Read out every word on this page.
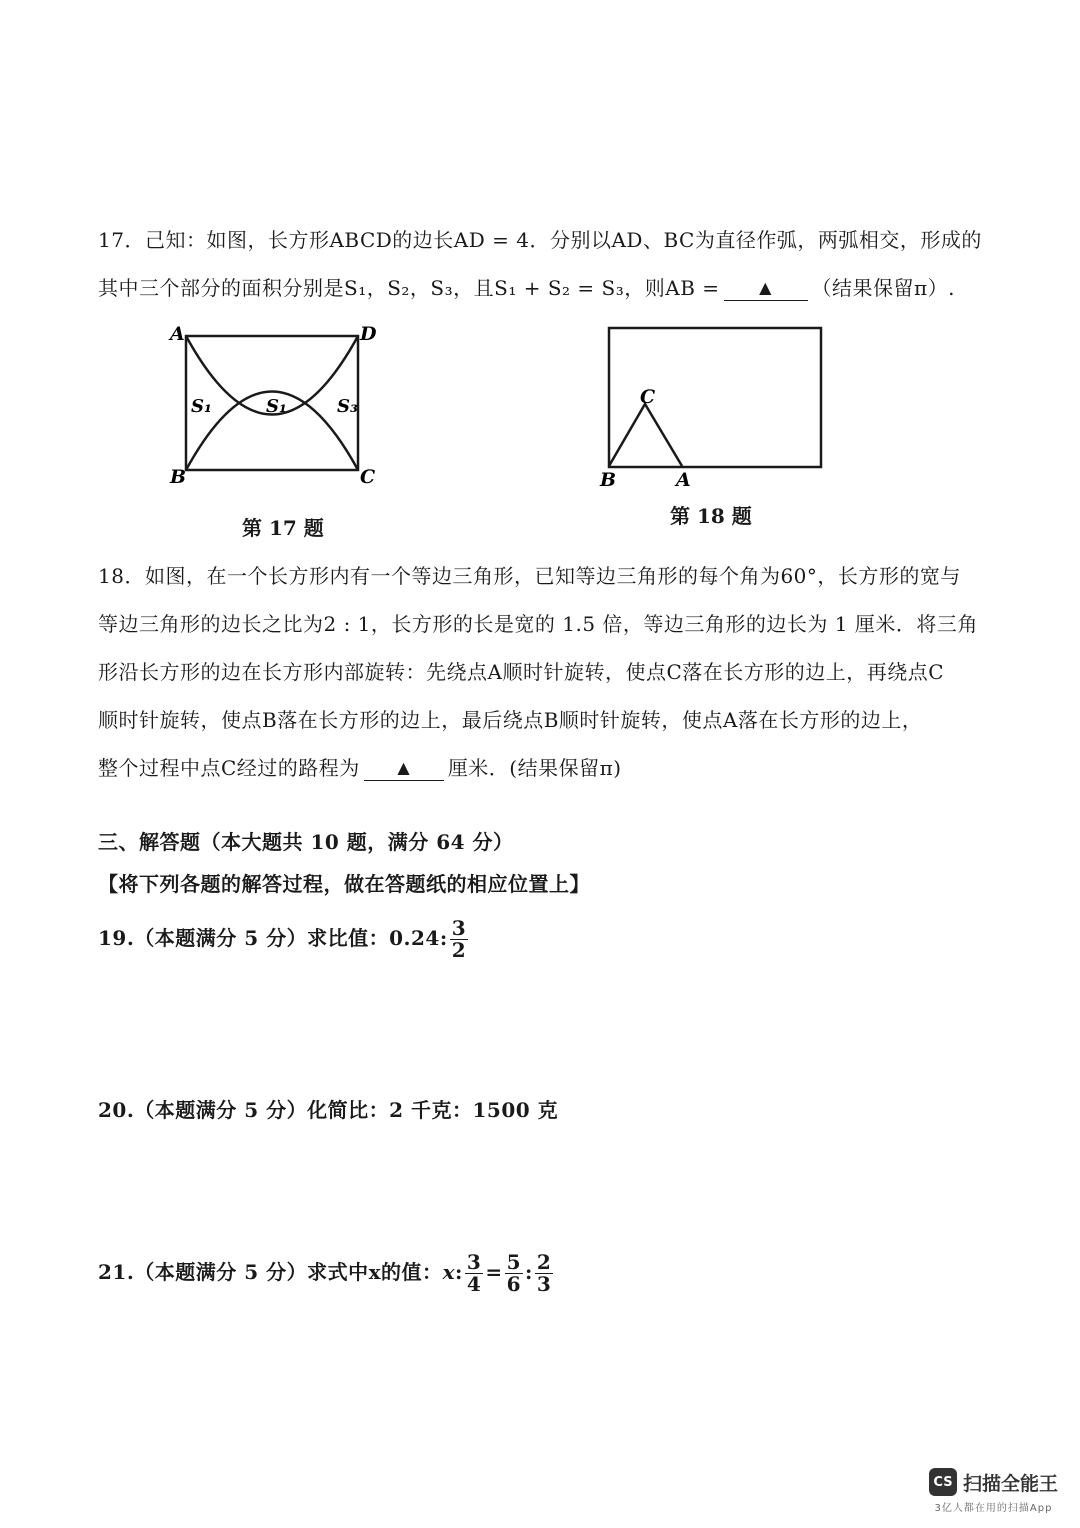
17．己知：如图，长方形ABCD的边长AD = 4．分别以AD、BC为直径作弧，两弧相交，形成的
其中三个部分的面积分别是S₁，S₂，S₃，且S₁ + S₂ = S₃，则AB = ▲ （结果保留π）.
A	D
B	C
S₁	S₁	S₃
第 17 题
C
B	A
第 18 题
18．如图，在一个长方形内有一个等边三角形，已知等边三角形的每个角为60°，长方形的宽与
等边三角形的边长之比为2 : 1，长方形的长是宽的 1.5 倍，等边三角形的边长为 1 厘米．将三角
形沿长方形的边在长方形内部旋转：先绕点A顺时针旋转，使点C落在长方形的边上，再绕点C
顺时针旋转，使点B落在长方形的边上，最后绕点B顺时针旋转，使点A落在长方形的边上，
整个过程中点C经过的路程为 ▲ 厘米．(结果保留π)
三、解答题（本大题共 10 题，满分 64 分）
【将下列各题的解答过程，做在答题纸的相应位置上】
19.（本题满分 5 分）求比值：0.24: $\frac{3}{2}$
20.（本题满分 5 分）化简比：2 千克：1500 克
21.（本题满分 5 分）求式中x的值：x: $\frac{3}{4} = \frac{5}{6}$ : $\frac{2}{3}$
CS 扫描全能王
3亿人都在用的扫描App
